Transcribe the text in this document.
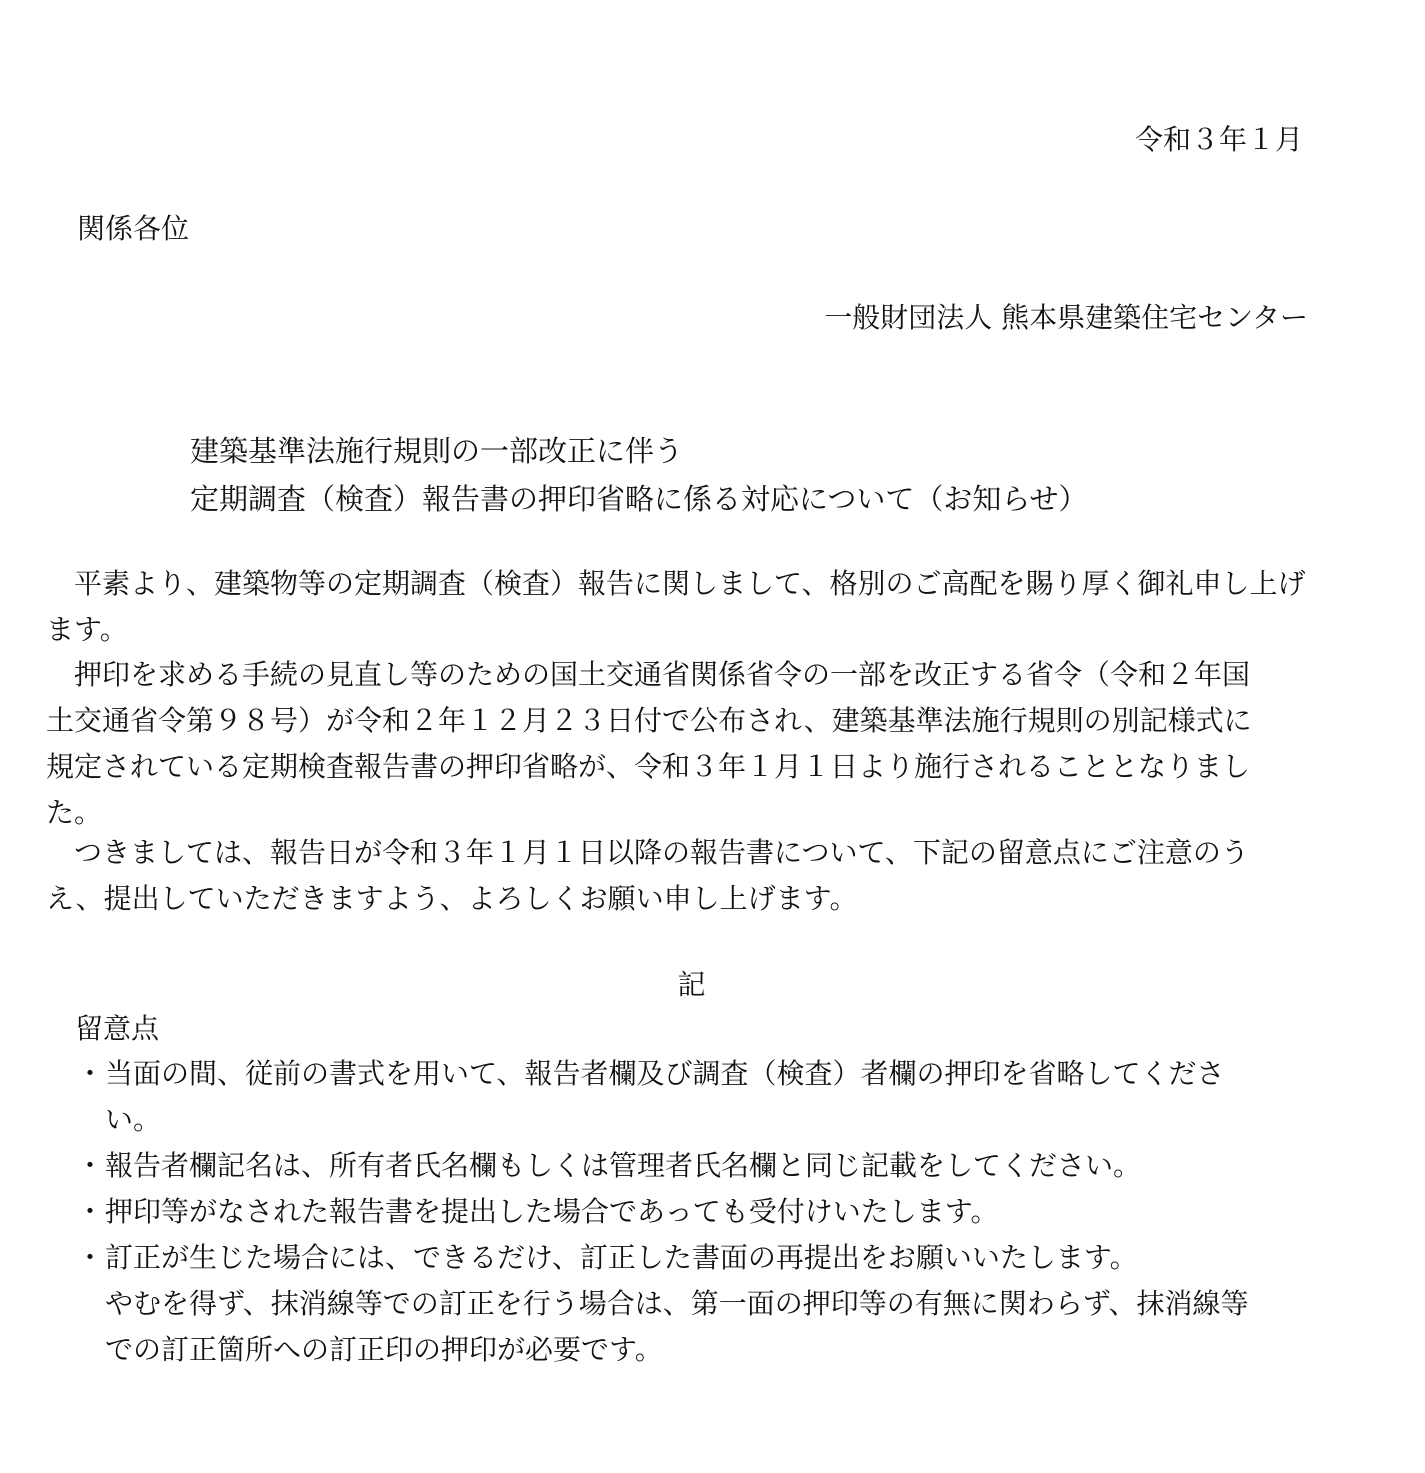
令和３年１月
関係各位
一般財団法人 熊本県建築住宅センター
建築基準法施行規則の一部改正に伴う
定期調査（検査）報告書の押印省略に係る対応について（お知らせ）
　平素より、建築物等の定期調査（検査）報告に関しまして、格別のご高配を賜り厚く御礼申し上げ
ます。
　押印を求める手続の見直し等のための国土交通省関係省令の一部を改正する省令（令和２年国
土交通省令第９８号）が令和２年１２月２３日付で公布され、建築基準法施行規則の別記様式に
規定されている定期検査報告書の押印省略が、令和３年１月１日より施行されることとなりまし
た。
　つきましては、報告日が令和３年１月１日以降の報告書について、下記の留意点にご注意のう
え、提出していただきますよう、よろしくお願い申し上げます。
記
留意点
・当面の間、従前の書式を用いて、報告者欄及び調査（検査）者欄の押印を省略してくださ
い。
・報告者欄記名は、所有者氏名欄もしくは管理者氏名欄と同じ記載をしてください。
・押印等がなされた報告書を提出した場合であっても受付けいたします。
・訂正が生じた場合には、できるだけ、訂正した書面の再提出をお願いいたします。
やむを得ず、抹消線等での訂正を行う場合は、第一面の押印等の有無に関わらず、抹消線等
での訂正箇所への訂正印の押印が必要です。
